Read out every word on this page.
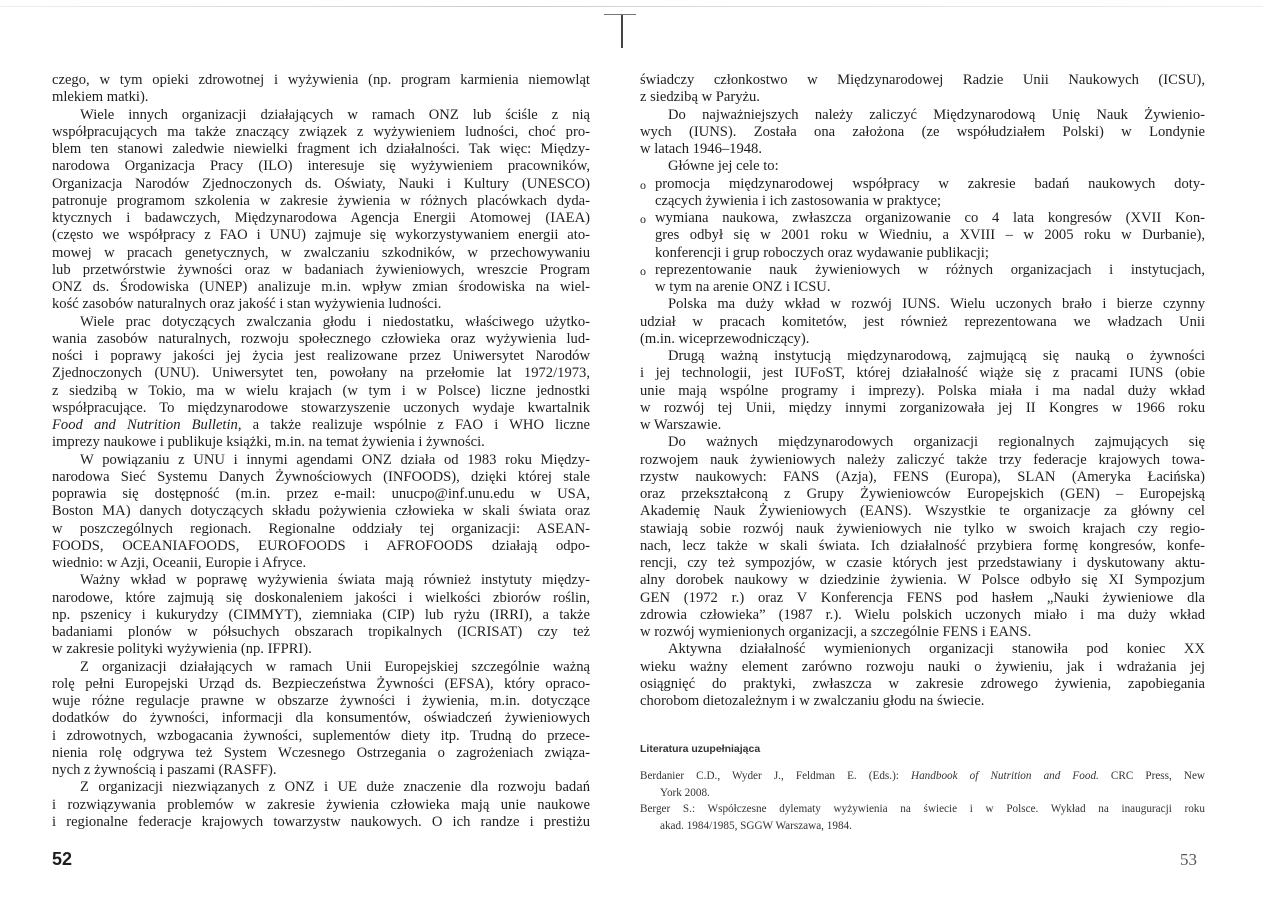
czego, w tym opieki zdrowotnej i wyżywienia (np. program karmienia niemowląt
mlekiem matki).
Wiele innych organizacji działających w ramach ONZ lub ściśle z nią
współpracujących ma także znaczący związek z wyżywieniem ludności, choć pro-
blem ten stanowi zaledwie niewielki fragment ich działalności. Tak więc: Między-
narodowa Organizacja Pracy (ILO) interesuje się wyżywieniem pracowników,
Organizacja Narodów Zjednoczonych ds. Oświaty, Nauki i Kultury (UNESCO)
patronuje programom szkolenia w zakresie żywienia w różnych placówkach dyda-
ktycznych i badawczych, Międzynarodowa Agencja Energii Atomowej (IAEA)
(często we współpracy z FAO i UNU) zajmuje się wykorzystywaniem energii ato-
mowej w pracach genetycznych, w zwalczaniu szkodników, w przechowywaniu
lub przetwórstwie żywności oraz w badaniach żywieniowych, wreszcie Program
ONZ ds. Środowiska (UNEP) analizuje m.in. wpływ zmian środowiska na wiel-
kość zasobów naturalnych oraz jakość i stan wyżywienia ludności.
Wiele prac dotyczących zwalczania głodu i niedostatku, właściwego użytko-
wania zasobów naturalnych, rozwoju społecznego człowieka oraz wyżywienia lud-
ności i poprawy jakości jej życia jest realizowane przez Uniwersytet Narodów
Zjednoczonych (UNU). Uniwersytet ten, powołany na przełomie lat 1972/1973,
z siedzibą w Tokio, ma w wielu krajach (w tym i w Polsce) liczne jednostki
współpracujące. To międzynarodowe stowarzyszenie uczonych wydaje kwartalnik
Food and Nutrition Bulletin, a także realizuje wspólnie z FAO i WHO liczne
imprezy naukowe i publikuje książki, m.in. na temat żywienia i żywności.
W powiązaniu z UNU i innymi agendami ONZ działa od 1983 roku Między-
narodowa Sieć Systemu Danych Żywnościowych (INFOODS), dzięki której stale
poprawia się dostępność (m.in. przez e-mail: unucpo@inf.unu.edu w USA,
Boston MA) danych dotyczących składu pożywienia człowieka w skali świata oraz
w poszczególnych regionach. Regionalne oddziały tej organizacji: ASEAN-
FOODS, OCEANIAFOODS, EUROFOODS i AFROFOODS działają odpo-
wiednio: w Azji, Oceanii, Europie i Afryce.
Ważny wkład w poprawę wyżywienia świata mają również instytuty między-
narodowe, które zajmują się doskonaleniem jakości i wielkości zbiorów roślin,
np. pszenicy i kukurydzy (CIMMYT), ziemniaka (CIP) lub ryżu (IRRI), a także
badaniami plonów w półsuchych obszarach tropikalnych (ICRISAT) czy też
w zakresie polityki wyżywienia (np. IFPRI).
Z organizacji działających w ramach Unii Europejskiej szczególnie ważną
rolę pełni Europejski Urząd ds. Bezpieczeństwa Żywności (EFSA), który opraco-
wuje różne regulacje prawne w obszarze żywności i żywienia, m.in. dotyczące
dodatków do żywności, informacji dla konsumentów, oświadczeń żywieniowych
i zdrowotnych, wzbogacania żywności, suplementów diety itp. Trudną do przece-
nienia rolę odgrywa też System Wczesnego Ostrzegania o zagrożeniach związa-
nych z żywnością i paszami (RASFF).
Z organizacji niezwiązanych z ONZ i UE duże znaczenie dla rozwoju badań
i rozwiązywania problemów w zakresie żywienia człowieka mają unie naukowe
i regionalne federacje krajowych towarzystw naukowych. O ich randze i prestiżu
świadczy członkostwo w Międzynarodowej Radzie Unii Naukowych (ICSU),
z siedzibą w Paryżu.
Do najważniejszych należy zaliczyć Międzynarodową Unię Nauk Żywienio-
wych (IUNS). Została ona założona (ze współudziałem Polski) w Londynie
w latach 1946–1948.
Główne jej cele to:
o promocja międzynarodowej współpracy w zakresie badań naukowych doty-
czących żywienia i ich zastosowania w praktyce;
o wymiana naukowa, zwłaszcza organizowanie co 4 lata kongresów (XVII Kon-
gres odbył się w 2001 roku w Wiedniu, a XVIII – w 2005 roku w Durbanie),
konferencji i grup roboczych oraz wydawanie publikacji;
o reprezentowanie nauk żywieniowych w różnych organizacjach i instytucjach,
w tym na arenie ONZ i ICSU.
Polska ma duży wkład w rozwój IUNS. Wielu uczonych brało i bierze czynny
udział w pracach komitetów, jest również reprezentowana we władzach Unii
(m.in. wiceprzewodniczący).
Drugą ważną instytucją międzynarodową, zajmującą się nauką o żywności
i jej technologii, jest IUFoST, której działalność wiąże się z pracami IUNS (obie
unie mają wspólne programy i imprezy). Polska miała i ma nadal duży wkład
w rozwój tej Unii, między innymi zorganizowała jej II Kongres w 1966 roku
w Warszawie.
Do ważnych międzynarodowych organizacji regionalnych zajmujących się
rozwojem nauk żywieniowych należy zaliczyć także trzy federacje krajowych towa-
rzystw naukowych: FANS (Azja), FENS (Europa), SLAN (Ameryka Łacińska)
oraz przekształconą z Grupy Żywieniowców Europejskich (GEN) – Europejską
Akademię Nauk Żywieniowych (EANS). Wszystkie te organizacje za główny cel
stawiają sobie rozwój nauk żywieniowych nie tylko w swoich krajach czy regio-
nach, lecz także w skali świata. Ich działalność przybiera formę kongresów, konfe-
rencji, czy też sympozjów, w czasie których jest przedstawiany i dyskutowany aktu-
alny dorobek naukowy w dziedzinie żywienia. W Polsce odbyło się XI Sympozjum
GEN (1972 r.) oraz V Konferencja FENS pod hasłem „Nauki żywieniowe dla
zdrowia człowieka” (1987 r.). Wielu polskich uczonych miało i ma duży wkład
w rozwój wymienionych organizacji, a szczególnie FENS i EANS.
Aktywna działalność wymienionych organizacji stanowiła pod koniec XX
wieku ważny element zarówno rozwoju nauki o żywieniu, jak i wdrażania jej
osiągnięć do praktyki, zwłaszcza w zakresie zdrowego żywienia, zapobiegania
chorobom dietozależnym i w zwalczaniu głodu na świecie.
Literatura uzupełniająca
Berdanier C.D., Wyder J., Feldman E. (Eds.): Handbook of Nutrition and Food. CRC Press, New
York 2008.
Berger S.: Współczesne dylematy wyżywienia na świecie i w Polsce. Wykład na inauguracji roku
akad. 1984/1985, SGGW Warszawa, 1984.
52	53
